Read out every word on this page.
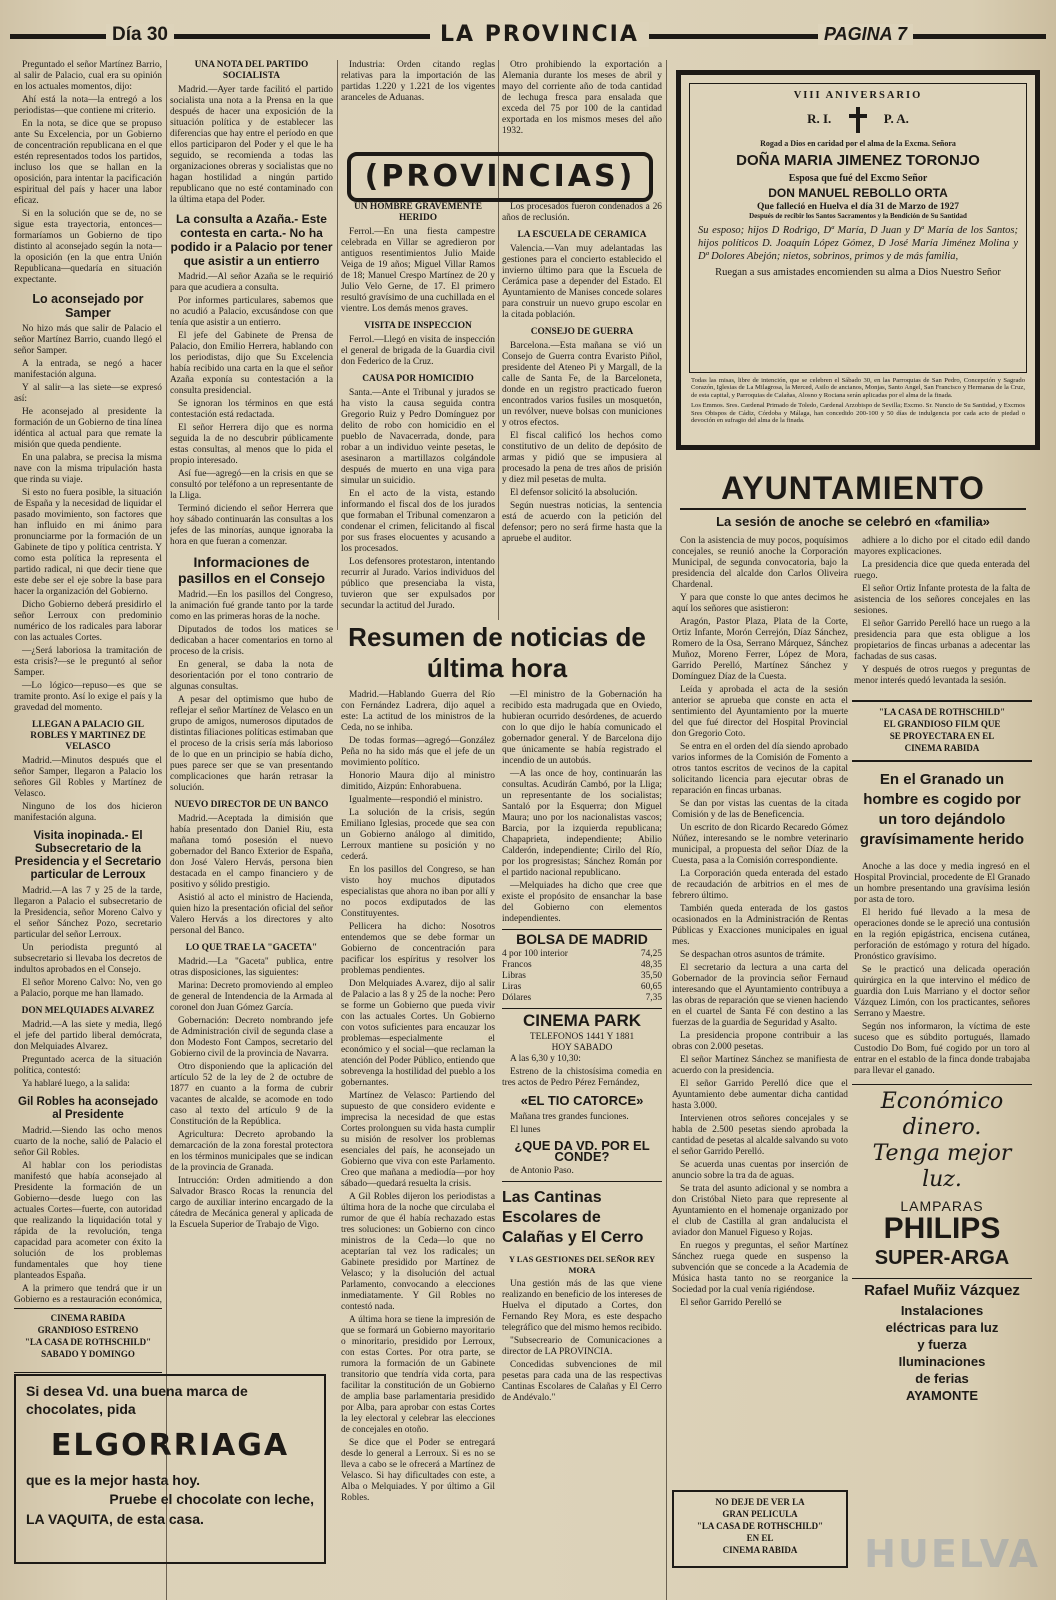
Día 30	LA PROVINCIA	PAGINA 7

Preguntado el señor Martínez Barrio, al salir de Palacio, cual era su opinión en los actuales momentos, dijo:

Ahí está la nota—la entregó a los periodistas—que contiene mi criterio.

En la nota, se dice que se propuso ante Su Excelencia, por un Gobierno de concentración republicana en el que estén representados todos los partidos, incluso los que se hallan en la oposición, para intentar la pacificación espiritual del país y hacer una labor eficaz.

Si en la solución que se de, no se sigue esta trayectoria, entonces—formaríamos un Gobierno de tipo distinto al aconsejado según la nota—la oposición (en la que entra Unión Republicana—quedaría en situación expectante.

Lo aconsejado por Samper

No hizo más que salir de Palacio el señor Martínez Barrio, cuando llegó el señor Samper.

A la entrada, se negó a hacer manifestación alguna.

Y al salir—a las siete—se expresó así:

He aconsejado al presidente la formación de un Gobierno de tina línea idéntica al actual para que remate la misión que queda pendiente.

En una palabra, se precisa la misma nave con la misma tripulación hasta que rinda su viaje.

Si esto no fuera posible, la situación de España y la necesidad de liquidar el pasado movimiento, son factores que han influido en mi ánimo para pronunciarme por la formación de un Gabinete de tipo y política centrista. Y como esta política la representa el partido radical, ni que decir tiene que este debe ser el eje sobre la base para hacer la organización del Gobierno.

Dicho Gobierno deberá presidirlo el señor Lerroux con predominio numérico de los radicales para laborar con las actuales Cortes.

—¿Será laboriosa la tramitación de esta crisis?—se le preguntó al señor Samper.

—Lo lógico—repuso—es que se tramite pronto. Así lo exige el país y la gravedad del momento.

LLEGAN A PALACIO GIL ROBLES Y MARTINEZ DE VELASCO

Madrid.—Minutos después que el señor Samper, llegaron a Palacio los señores Gil Robles y Martínez de Velasco.

Ninguno de los dos hicieron manifestación alguna.

Visita inopinada.- El Subsecretario de la Presidencia y el Secretario particular de Lerroux

Madrid.—A las 7 y 25 de la tarde, llegaron a Palacio el subsecretario de la Presidencia, señor Moreno Calvo y el señor Sánchez Pozo, secretario particular del señor Lerroux.

Un periodista preguntó al subsecretario si llevaba los decretos de indultos aprobados en el Consejo.

El señor Moreno Calvo: No, ven go a Palacio, porque me han llamado.

DON MELQUIADES ALVAREZ

Madrid.—A las siete y media, llegó el jefe del partido liberal demócrata, don Melquiades Alvarez.

Preguntado acerca de la situación política, contestó:

Ya hablaré luego, a la salida:

Gil Robles ha aconsejado al Presidente

Madrid.—Siendo las ocho menos cuarto de la noche, salió de Palacio el señor Gil Robles.

Al hablar con los periodistas manifestó que había aconsejado al Presidente la formación de un Gobierno—desde luego con las actuales Cortes—fuerte, con autoridad que realizando la liquidación total y rápida de la revolución, tenga capacidad para acometer con éxito la solución de los problemas fundamentales que hoy tiene planteados España.

A la primero que tendrá que ir un Gobierno es a restauración económica,

CINEMA RABIDA
GRANDIOSO ESTRENO
"LA CASA DE ROTHSCHILD"
SABADO Y DOMINGO
UNA NOTA DEL PARTIDO SOCIALISTA

Madrid.—Ayer tarde facilitó el partido socialista una nota a la Prensa en la que después de hacer una exposición de la situación política y de establecer las diferencias que hay entre el período en que ellos participaron del Poder y el que le ha seguido, se recomienda a todas las organizaciones obreras y socialistas que no hagan hostilidad a ningún partido republicano que no esté contaminado con la última etapa del Poder.

La consulta a Azaña.- Este contesta en carta.- No ha podido ir a Palacio por tener que asistir a un entierro

Madrid.—Al señor Azaña se le requirió para que acudiera a consulta.

Por informes particulares, sabemos que no acudió a Palacio, excusándose con que tenía que asistir a un entierro.

El jefe del Gabinete de Prensa de Palacio, don Emilio Herrera, hablando con los periodistas, dijo que Su Excelencia había recibido una carta en la que el señor Azaña exponía su contestación a la consulta presidencial.

Se ignoran los términos en que está contestación está redactada.

El señor Herrera dijo que es norma seguida la de no descubrir públicamente estas consultas, al menos que lo pida el propio interesado.

Así fue—agregó—en la crisis en que se consultó por teléfono a un representante de la Lliga.

Terminó diciendo el señor Herrera que hoy sábado continuarán las consultas a los jefes de las minorías, aunque ignoraba la hora en que fueran a comenzar.

Informaciones de pasillos en el Consejo

Madrid.—En los pasillos del Congreso, la animación fué grande tanto por la tarde como en las primeras horas de la noche.

Diputados de todos los matices se dedicaban a hacer comentarios en torno al proceso de la crisis.

En general, se daba la nota de desorientación por el tono contrario de algunas consultas.

A pesar del optimismo que hubo de reflejar el señor Martínez de Velasco en un grupo de amigos, numerosos diputados de distintas filiaciones políticas estimaban que el proceso de la crisis sería más laborioso de lo que en un principio se había dicho, pues parece ser que se van presentando complicaciones que harán retrasar la solución.

NUEVO DIRECTOR DE UN BANCO

Madrid.—Aceptada la dimisión que había presentado don Daniel Riu, esta mañana tomó posesión el nuevo gobernador del Banco Exterior de España, don José Valero Hervás, persona bien destacada en el campo financiero y de positivo y sólido prestigio.

Asistió al acto el ministro de Hacienda, quien hizo la presentación oficial del señor Valero Hervás a los directores y alto personal del Banco.

LO QUE TRAE LA "GACETA"

Madrid.—La "Gaceta" publica, entre otras disposiciones, las siguientes:

Marina: Decreto promoviendo al empleo de general de Intendencia de la Armada al coronel don Juan Gómez García.

Gobernación: Decreto nombrando jefe de Administración civil de segunda clase a don Modesto Font Campos, secretario del Gobierno civil de la provincia de Navarra.

Otro disponiendo que la aplicación del artículo 52 de la ley de 2 de octubre de 1877 en cuanto a la forma de cubrir vacantes de alcalde, se acomode en todo caso al texto del artículo 9 de la Constitución de la República.

Agricultura: Decreto aprobando la demarcación de la zona forestal protectora en los términos municipales que se indican de la provincia de Granada.

Intrucción: Orden admitiendo a don Salvador Brasco Rocas la renuncia del cargo de auxiliar interino encargado de la cátedra de Mecánica general y aplicada de la Escuela Superior de Trabajo de Vigo.

Si desea Vd. una buena marca de chocolates, pida
ELGORRIAGA
que es la mejor hasta hoy.
Pruebe el chocolate con leche,
LA VAQUITA, de esta casa.

Industria: Orden citando reglas relativas para la importación de las partidas 1.220 y 1.221 de los vigentes aranceles de Aduanas.

Otro prohibiendo la exportación a Alemania durante los meses de abril y mayo del corriente año de toda cantidad de lechuga fresca para ensalada que exceda del 75 por 100 de la cantidad exportada en los mismos meses del año 1932.

(PROVINCIAS)
UN HOMBRE GRAVEMENTE HERIDO

Ferrol.—En una fiesta campestre celebrada en Villar se agredieron por antiguos resentimientos Julio Maide Veiga de 19 años; Miguel Villar Ramos de 18; Manuel Crespo Martínez de 20 y Julio Velo Gerne, de 17. El primero resultó gravísimo de una cuchillada en el vientre. Los demás menos graves.

VISITA DE INSPECCION

Ferrol.—Llegó en visita de inspección el general de brigada de la Guardia civil don Federico de la Cruz.

CAUSA POR HOMICIDIO

Santa.—Ante el Tribunal y jurados se ha visto la causa seguida contra Gregorio Ruiz y Pedro Domínguez por delito de robo con homicidio en el pueblo de Navacerrada, donde, para robar a un individuo veinte pesetas, le asesinaron a martillazos colgándole después de muerto en una viga para simular un suicidio.

En el acto de la vista, estando informando el fiscal dos de los jurados que formaban el Tribunal comenzaron a condenar el crimen, felicitando al fiscal por sus frases elocuentes y acusando a los procesados.

Los defensores protestaron, intentando recurrir al Jurado. Varios individuos del público que presenciaba la vista, tuvieron que ser expulsados por secundar la actitud del Jurado.

Los procesados fueron condenados a 26 años de reclusión.

LA ESCUELA DE CERAMICA

Valencia.—Van muy adelantadas las gestiones para el concierto establecido el invierno último para que la Escuela de Cerámica pase a depender del Estado. El Ayuntamiento de Manises concede solares para construir un nuevo grupo escolar en la citada población.

CONSEJO DE GUERRA

Barcelona.—Esta mañana se vió un Consejo de Guerra contra Evaristo Piñol, presidente del Ateneo Pi y Margall, de la calle de Santa Fe, de la Barceloneta, donde en un registro practicado fueron encontrados varios fusiles un mosquetón, un revólver, nueve bolsas con municiones y otros efectos.

El fiscal calificó los hechos como constitutivo de un delito de depósito de armas y pidió que se impusiera al procesado la pena de tres años de prisión y diez mil pesetas de multa.

El defensor solicitó la absolución.

Según nuestras noticias, la sentencia está de acuerdo con la petición del defensor; pero no será firme hasta que la apruebe el auditor.

Resumen de noticias de última hora

Madrid.—Hablando Guerra del Río con Fernández Ladrera, dijo aquel a este: La actitud de los ministros de la Ceda, no se inhiba.

De todas formas—agregó—González Peña no ha sido más que el jefe de un movimiento político.

Honorio Maura dijo al ministro dimitido, Aizpún: Enhorabuena.

Igualmente—respondió el ministro.

La solución de la crisis, según Emiliano Iglesias, procede que sea con un Gobierno análogo al dimitido, Lerroux mantiene su posición y no cederá.

En los pasillos del Congreso, se han visto hoy muchos diputados especialistas que ahora no iban por allí y no pocos exdiputados de las Constituyentes.

Pellicera ha dicho: Nosotros entendemos que se debe formar un Gobierno de concentración para pacificar los espíritus y resolver los problemas pendientes.

Don Melquiades A.varez, dijo al salir de Palacio a las 8 y 25 de la noche: Pero se forme un Gobierno que pueda vivir con las actuales Cortes. Un Gobierno con votos suficientes para encauzar los problemas—especialmente el económico y el social—que reclaman la atención del Poder Público, entiendo que sobrevenga la hostilidad del pueblo a los gobernantes.

Martínez de Velasco: Partiendo del supuesto de que considero evidente e imprecisa la necesidad de que estas Cortes prolonguen su vida hasta cumplir su misión de resolver los problemas esenciales del país, he aconsejado un Gobierno que viva con este Parlamento. Creo que mañana a mediodía—por hoy sábado—quedará resuelta la crisis.

A Gil Robles dijeron los periodistas a última hora de la noche que circulaba el rumor de que él había rechazado estas tres soluciones: un Gobierno con cinco ministros de la Ceda—lo que no aceptarían tal vez los radicales; un Gabinete presidido por Martínez de Velasco; y la disolución del actual Parlamento, convocando a elecciones inmediatamente. Y Gil Robles no contestó nada.

A última hora se tiene la impresión de que se formará un Gobierno mayoritario o minoritario, presidido por Lerroux, con estas Cortes. Por otra parte, se rumora la formación de un Gabinete transitorio que tendría vida corta, para facilitar la constitución de un Gobierno de amplia base parlamentaria presidido por Alba, para aprobar con estas Cortes la ley electoral y celebrar las elecciones de concejales en otoño.

Se dice que el Poder se entregará desde lo general a Lerroux. Si es no se lleva a cabo se le ofrecerá a Martínez de Velasco. Si hay dificultades con este, a Alba o Melquiades. Y por último a Gil Robles.

—El ministro de la Gobernación ha recibido esta madrugada que en Oviedo, hubieran ocurrido desórdenes, de acuerdo con lo que dijo le había comunicado el gobernador general. Y de Barcelona dijo que únicamente se había registrado el incendio de un autobús.

—A las once de hoy, continuarán las consultas. Acudirán Cambó, por la Lliga; un representante de los socialistas; Santaló por la Esquerra; don Miguel Maura; uno por los nacionalistas vascos; Barcia, por la izquierda republicana; Chapaprieta, independiente; Abilio Calderón, independiente; Cirilo del Río, por los progresistas; Sánchez Román por el partido nacional republicano.

—Melquiades ha dicho que cree que existe el propósito de ensanchar la base del Gobierno con elementos independientes.

BOLSA DE MADRID
4 por 100 interior	74,25
Francos	48,35
Libras	35,50
Liras	60,65
Dólares	7,35
CINEMA PARK
TELEFONOS 1441 Y 1881
HOY SABADO

A las 6,30 y 10,30:

Estreno de la chistosísima comedia en tres actos de Pedro Pérez Fernández,

«EL TIO CATORCE»

Mañana tres grandes funciones.

El lunes

¿QUE DA VD. POR EL CONDE?

de Antonio Paso.

Las Cantinas Escolares de Calañas y El Cerro
Y LAS GESTIONES DEL SEÑOR REY MORA

Una gestión más de las que viene realizando en beneficio de los intereses de Huelva el diputado a Cortes, don Fernando Rey Mora, es este despacho telegráfico que del mismo hemos recibido.

"Subsecreario de Comunicaciones a director de LA PROVINCIA.

Concedidas subvenciones de mil pesetas para cada una de las respectivas Cantinas Escolares de Calañas y El Cerro de Andévalo."

VIII ANIVERSARIO
R. I.	P. A.
Rogad a Dios en caridad por el alma de la Excma. Señora
DOÑA MARIA JIMENEZ TORONJO
Esposa que fué del Excmo Señor
DON MANUEL REBOLLO ORTA
Que falleció en Huelva el día 31 de Marzo de 1927
Después de recibir los Santos Sacramentos y la Bendición de Su Santidad
Su esposo; hijos D Rodrigo, Dª María, D Juan y Dª María de los Santos; hijos políticos D. Joaquín López Gómez, D José María Jiménez Molina y Dª Dolores Abejón; nietos, sobrinos, primos y de más familia,
Ruegan a sus amistades encomienden su alma a Dios Nuestro Señor
Todas las misas, libre de intención, que se celebren el Sábado 30, en las Parroquias de San Pedro, Concepción y Sagrado Corazón, Iglesias de La Milagrosa, la Merced, Asilo de ancianos, Monjas, Santo Angel, San Francisco y Hermanas de la Cruz, de esta capital, y Parroquias de Calañas, Alosno y Rociana serán aplicadas por el alma de la finada.
Los Emmos. Sres. Cardenal Primado de Toledo, Cardenal Arzobispo de Sevilla; Excmo. Sr. Nuncio de Su Santidad, y Excmos Sres Obispos de Cádiz, Córdoba y Málaga, han concedido 200-100 y 50 días de indulgencia por cada acto de piedad o devoción en sufragio del alma de la finada.
AYUNTAMIENTO
La sesión de anoche se celebró en «familia»

Con la asistencia de muy pocos, poquísimos concejales, se reunió anoche la Corporación Municipal, de segunda convocatoria, bajo la presidencia del alcalde don Carlos Oliveira Chardenal.

Y para que conste lo que antes decimos he aquí los señores que asistieron:

Aragón, Pastor Plaza, Plata de la Corte, Ortiz Infante, Morón Cerrejón, Díaz Sánchez, Romero de la Osa, Serrano Márquez, Sánchez Muñoz, Moreno Ferrer, López de Mora, Garrido Perelló, Martínez Sánchez y Domínguez Díaz de la Cuesta.

Leída y aprobada el acta de la sesión anterior se aprueba que conste en acta el sentimiento del Ayuntamiento por la muerte del que fué director del Hospital Provincial don Gregorio Coto.

Se entra en el orden del día siendo aprobado varios informes de la Comisión de Fomento a otros tantos escritos de vecinos de la capital solicitando licencia para ejecutar obras de reparación en fincas urbanas.

Se dan por vistas las cuentas de la citada Comisión y de las de Beneficencia.

Un escrito de don Ricardo Recaredo Gómez Núñez, interesando se le nombre veterinario municipal, a propuesta del señor Díaz de la Cuesta, pasa a la Comisión correspondiente.

La Corporación queda enterada del estado de recaudación de arbitrios en el mes de febrero último.

También queda enterada de los gastos ocasionados en la Administración de Rentas Públicas y Exacciones municipales en igual mes.

Se despachan otros asuntos de trámite.

El secretario da lectura a una carta del Gobernador de la provincia señor Fernaud interesando que el Ayuntamiento contribuya a las obras de reparación que se vienen haciendo en el cuartel de Santa Fé con destino a las fuerzas de la guardia de Seguridad y Asalto.

La presidencia propone contribuir a las obras con 2.000 pesetas.

El señor Martínez Sánchez se manifiesta de acuerdo con la presidencia.

El señor Garrido Perelló dice que el Ayuntamiento debe aumentar dicha cantidad hasta 3.000.

Intervienen otros señores concejales y se habla de 2.500 pesetas siendo aprobada la cantidad de pesetas al alcalde salvando su voto el señor Garrido Perelló.

Se acuerda unas cuentas por inserción de anuncio sobre la tra da de aguas.

Se trata del asunto adicional y se nombra a don Cristóbal Nieto para que represente al Ayuntamiento en el homenaje organizado por el club de Castilla al gran andalucista el aviador don Manuel Figueso y Rojas.

En ruegos y preguntas, el señor Martínez Sánchez ruega quede en suspenso la subvención que se concede a la Academia de Música hasta tanto no se reorganice la Sociedad por la cual venía rigiéndose.

El señor Garrido Perelló se

NO DEJE DE VER LA
GRAN PELICULA
"LA CASA DE ROTHSCHILD"
EN EL
CINEMA RABIDA

adhiere a lo dicho por el citado edil dando mayores explicaciones.

La presidencia dice que queda enterada del ruego.

El señor Ortiz Infante protesta de la falta de asistencia de los señores concejales en las sesiones.

El señor Garrido Perelló hace un ruego a la presidencia para que esta obligue a los propietarios de fincas urbanas a adecentar las fachadas de sus casas.

Y después de otros ruegos y preguntas de menor interés quedó levantada la sesión.

"LA CASA DE ROTHSCHILD"
EL GRANDIOSO FILM QUE
SE PROYECTARA EN EL
CINEMA RABIDA
En el Granado un hombre es cogido por un toro dejándolo gravísimamente herido

Anoche a las doce y media ingresó en el Hospital Provincial, procedente de El Granado un hombre presentando una gravísima lesión por asta de toro.

El herido fué llevado a la mesa de operaciones donde se le apreció una contusión en la región epigástrica, encisena cutánea, perforación de estómago y rotura del hígado. Pronóstico gravísimo.

Se le practicó una delicada operación quirúrgica en la que intervino el médico de guardia don Luis Marriano y el doctor señor Vázquez Limón, con los practicantes, señores Serrano y Maestre.

Según nos informaron, la víctima de este suceso que es súbdito portugués, llamado Custodio Do Bom, fué cogido por un toro al entrar en el establo de la finca donde trabajaba para llevar el ganado.

Económico dinero.
Tenga mejor luz.
LAMPARAS
PHILIPS
SUPER-ARGA
Rafael Muñiz Vázquez
Instalaciones
eléctricas para luz
y fuerza
Iluminaciones
de ferias
AYAMONTE
HUELVA
